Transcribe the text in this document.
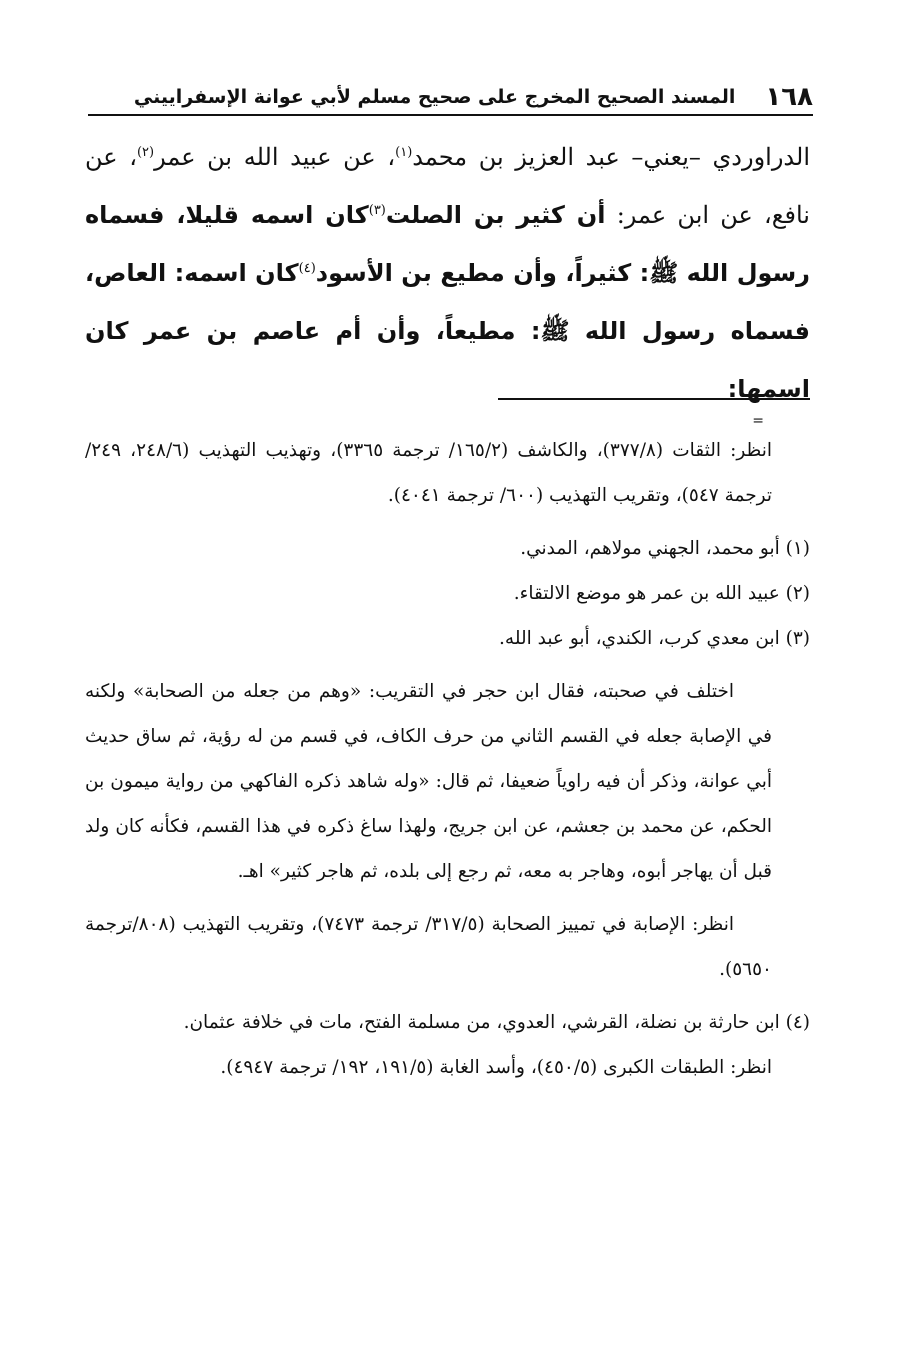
١٦٨
المسند الصحيح المخرج على صحيح مسلم لأبي عوانة الإسفراييني
الدراوردي –يعني– عبد العزيز بن محمد$^{(١)}$، عن عبيد الله بن عمر$^{(٢)}$، عن نافع، عن ابن عمر: أن كثير بن الصلت$^{(٣)}$كان اسمه قليلا، فسماه رسول الله ﷺ: كثيراً، وأن مطيع بن الأسود$^{(٤)}$كان اسمه: العاص، فسماه رسول الله ﷺ: مطيعاً، وأن أم عاصم بن عمر كان اسمها:
=

انظر: الثقات (٣٧٧/٨)، والكاشف (١٦٥/٢/ ترجمة ٣٣٦٥)، وتهذيب التهذيب (٢٤٨/٦، ٢٤٩/ ترجمة ٥٤٧)، وتقريب التهذيب (٦٠٠/ ترجمة ٤٠٤١).

(١) أبو محمد، الجهني مولاهم، المدني.

(٢) عبيد الله بن عمر هو موضع الالتقاء.

(٣) ابن معدي كرب، الكندي، أبو عبد الله.

اختلف في صحبته، فقال ابن حجر في التقريب: «وهم من جعله من الصحابة» ولكنه في الإصابة جعله في القسم الثاني من حرف الكاف، في قسم من له رؤية، ثم ساق حديث أبي عوانة، وذكر أن فيه راوياً ضعيفا، ثم قال: «وله شاهد ذكره الفاكهي من رواية ميمون بن الحكم، عن محمد بن جعشم، عن ابن جريج، ولهذا ساغ ذكره في هذا القسم، فكأنه كان ولد قبل أن يهاجر أبوه، وهاجر به معه، ثم رجع إلى بلده، ثم هاجر كثير» اهـ.

انظر: الإصابة في تمييز الصحابة (٣١٧/٥/ ترجمة ٧٤٧٣)، وتقريب التهذيب (٨٠٨/ترجمة ٥٦٥٠).

(٤) ابن حارثة بن نضلة، القرشي، العدوي، من مسلمة الفتح، مات في خلافة عثمان.

انظر: الطبقات الكبرى (٤٥٠/٥)، وأسد الغابة (١٩١/٥، ١٩٢/ ترجمة ٤٩٤٧).
